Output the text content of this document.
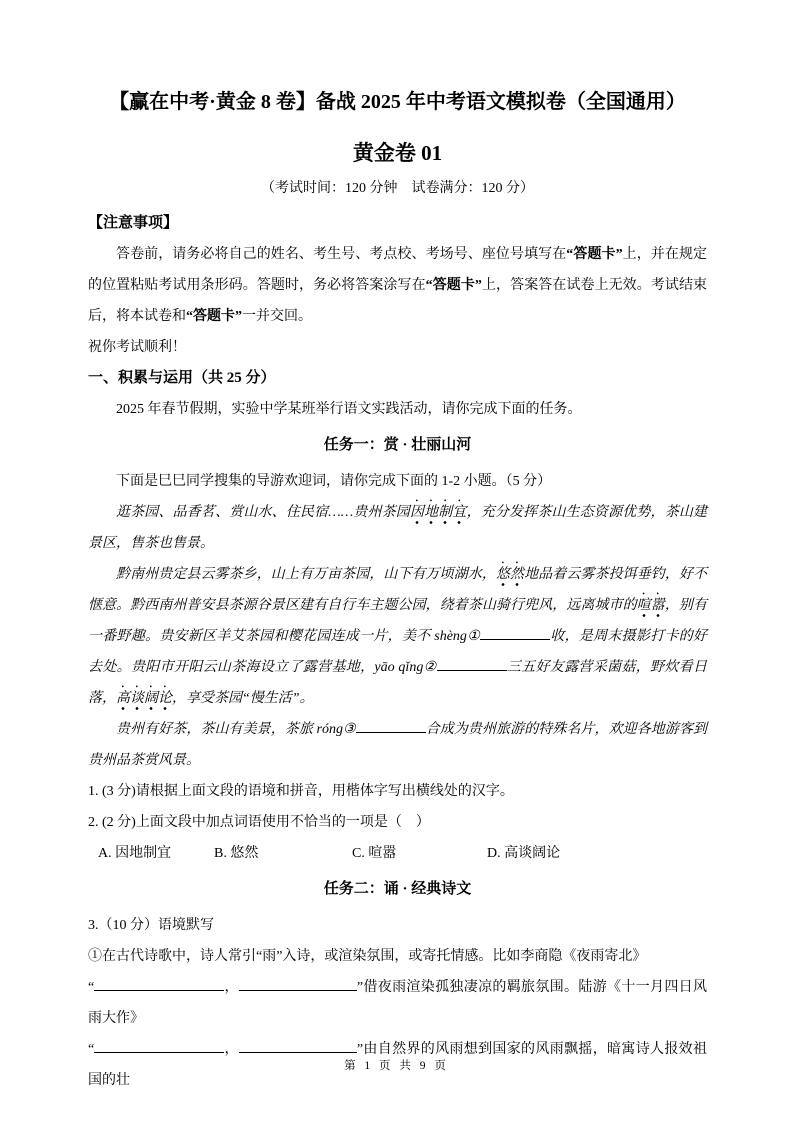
【赢在中考·黄金 8 卷】备战 2025 年中考语文模拟卷（全国通用）
黄金卷 01

（考试时间：120 分钟　试卷满分：120 分）

【注意事项】

答卷前，请务必将自己的姓名、考生号、考点校、考场号、座位号填写在“答题卡”上，并在规定的位置粘贴考试用条形码。答题时，务必将答案涂写在“答题卡”上，答案答在试卷上无效。考试结束后，将本试卷和“答题卡”一并交回。

祝你考试顺利！

一、积累与运用（共 25 分）

2025 年春节假期，实验中学某班举行语文实践活动，请你完成下面的任务。

任务一：赏 · 壮丽山河

下面是巳巳同学搜集的导游欢迎词，请你完成下面的 1-2 小题。（5 分）

逛茶园、品香茗、赏山水、住民宿……贵州茶园因地制宜，充分发挥茶山生态资源优势，茶山建景区，售茶也售景。

黔南州贵定县云雾茶乡，山上有万亩茶园，山下有万顷湖水，悠然地品着云雾茶投饵垂钓，好不惬意。黔西南州普安县茶源谷景区建有自行车主题公园，绕着茶山骑行兜风，远离城市的喧嚣，别有一番野趣。贵安新区羊艾茶园和樱花园连成一片，美不 shèng①	收，是周末摄影打卡的好去处。贵阳市开阳云山茶海设立了露营基地，yāo qǐng②	三五好友露营采菌菇，野炊看日落，高谈阔论，享受茶园“慢生活”。

贵州有好茶，茶山有美景，茶旅 róng③	合成为贵州旅游的特殊名片，欢迎各地游客到贵州品茶赏风景。

1. (3 分)请根据上面文段的语境和拼音，用楷体字写出横线处的汉字。

2. (2 分)上面文段中加点词语使用不恰当的一项是（　）

A. 因地制宜	B. 悠然	C. 喧嚣	D. 高谈阔论

任务二：诵 · 经典诗文

3.（10 分）语境默写

①在古代诗歌中，诗人常引“雨”入诗，或渲染氛围，或寄托情感。比如李商隐《夜雨寄北》

“	，	”借夜雨渲染孤独凄凉的羁旅氛围。陆游《十一月四日风雨大作》

“	，	”由自然界的风雨想到国家的风雨飘摇，暗寓诗人报效祖国的壮

第 1 页 共 9 页
